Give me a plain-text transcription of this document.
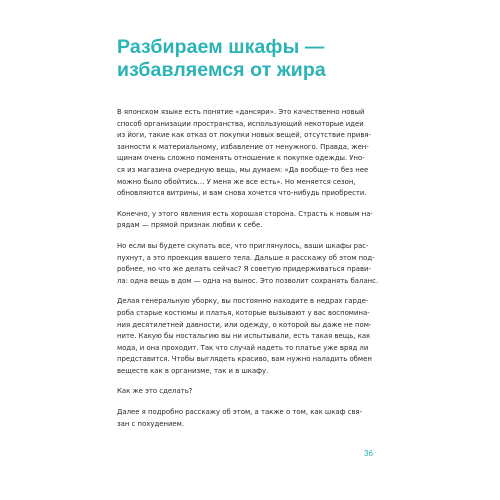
Разбираем шкафы —
избавляемся от жира

В японском языке есть понятие «дансяри». Это качественно новый
способ организации пространства, использующий некоторые идеи
из йоги, такие как отказ от покупки новых вещей, отсутствие привя-
занности к материальному, избавление от ненужного. Правда, жен-
щинам очень сложно поменять отношение к покупке одежды. Уно-
ся из магазина очередную вещь, мы думаем: «Да вообще-то без нее
можно было обойтись… У меня же все есть». Но меняется сезон,
обновляются витрины, и вам снова хочется что-нибудь приобрести.

Конечно, у этого явления есть хорошая сторона. Страсть к новым на-
рядам — прямой признак любви к себе.

Но если вы будете скупать все, что приглянулось, ваши шкафы рас-
пухнут, а это проекция вашего тела. Дальше я расскажу об этом под-
робнее, но что же делать сейчас? Я советую придерживаться прави-
ла: одна вещь в дом — одна на вынос. Это позволит сохранять баланс.

Делая генеральную уборку, вы постоянно находите в недрах гарде-
роба старые костюмы и платья, которые вызывают у вас воспомина-
ния десятилетней давности, или одежду, о которой вы даже не пом-
ните. Какую бы ностальгию вы ни испытывали, есть такая вещь, как
мода, и она проходит. Так что случай надеть то платье уже вряд ли
представится. Чтобы выглядеть красиво, вам нужно наладить обмен
веществ как в организме, так и в шкафу.

Как же это сделать?

Далее я подробно расскажу об этом, а также о том, как шкаф свя-
зан с похудением.

36
